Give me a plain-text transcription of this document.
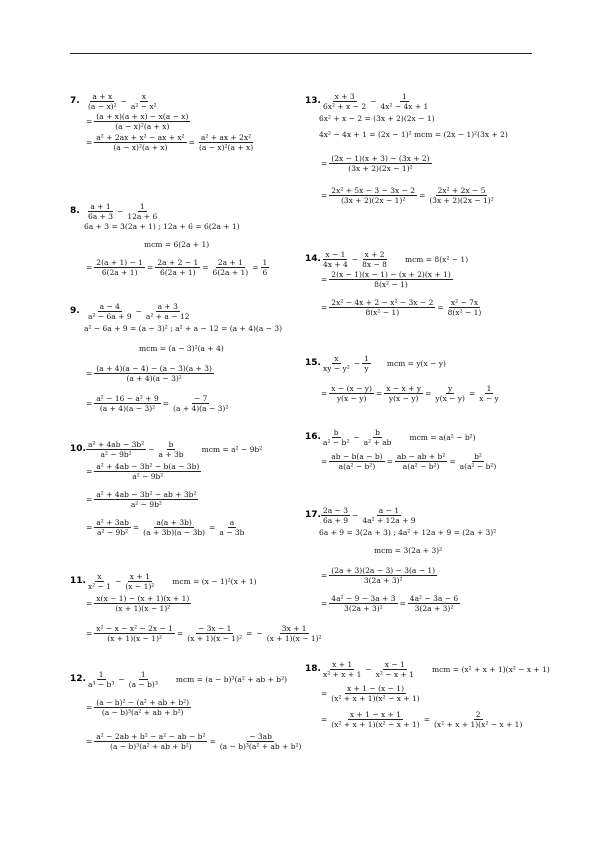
7. $\frac{a + x}{\text{(a − x)²}} - \frac{x}{\text{a² − x²}}$
= $\frac{(a + x)(a + x) - x(a - x)}{\text{(a − x)²(a + x)}}$
= $\frac{\text{a² + 2ax + x² − ax + x²}}{\text{(a − x)²(a + x)}} = \frac{\text{a² + ax + 2x²}}{\text{(a − x)²(a + x)}}$
8. $\frac{a + 1}{6a + 3} - \frac{1}{12a + 6}$
6a + 3 = 3(2a + 1) ; 12a + 6 = 6(2a + 1)
mcm = 6(2a + 1)
= $\frac{2(a + 1) - 1}{6(2a + 1)} = \frac{2a + 2 - 1}{6(2a + 1)} = \frac{2a + 1}{6(2a + 1)} = \frac{1}{6}$
9. $\frac{a - 4}{\text{a² − 6a + 9}} - \frac{a + 3}{\text{a² + a − 12}}$
a² − 6a + 9 = (a − 3)² ; a² + a − 12 = (a + 4)(a − 3)
mcm = (a − 3)²(a + 4)
= $\frac{(a + 4)(a - 4) - (a - 3)(a + 3)}{\text{(a + 4)(a − 3)²}}$
= $\frac{\text{a² − 16 − a² + 9}}{\text{(a + 4)(a − 3)²}} = \frac{- 7}{\text{(a + 4)(a − 3)²}}$
10. $\frac{\text{a² + 4ab − 3b²}}{\text{a² − 9b²}} - \frac{b}{a + 3b}$ mcm = a² − 9b²
= $\frac{\text{a² + 4ab − 3b² − b(a − 3b)}}{\text{a² − 9b²}}$
= $\frac{\text{a² + 4ab − 3b² − ab + 3b²}}{\text{a² − 9b²}}$
= $\frac{\text{a² + 3ab}}{\text{a² − 9b²}} = \frac{a(a + 3b)}{(a + 3b)(a - 3b)} = \frac{a}{a - 3b}$
11. $\frac{x}{\text{x² − 1}} - \frac{x + 1}{\text{(x − 1)²}}$ mcm = (x − 1)²(x + 1)
= $\frac{x(x - 1) - (x + 1)(x + 1)}{\text{(x + 1)(x − 1)²}}$
= $\frac{\text{x² − x − x² − 2x − 1}}{\text{(x + 1)(x − 1)²}} = \frac{- 3x - 1}{\text{(x + 1)(x − 1)²}}$ = − $\frac{3x + 1}{\text{(x + 1)(x − 1)²}}$
12. $\frac{1}{\text{a³ − b³}} - \frac{1}{\text{(a − b)³}}$ mcm = (a − b)³(a² + ab + b²)
= $\frac{\text{(a − b)² − (a² + ab + b²)}}{\text{(a − b)³(a² + ab + b²)}}$
= $\frac{\text{a² − 2ab + b² − a² − ab − b²}}{\text{(a − b)³(a² + ab + b²)}} = \frac{- 3ab}{\text{(a − b)³(a² + ab + b²)}}$
13. $\frac{x + 3}{\text{6x² + x − 2}} - \frac{1}{\text{4x² − 4x + 1}}$
6x² + x − 2 = (3x + 2)(2x − 1)
4x² − 4x + 1 = (2x − 1)² mcm = (2x − 1)²(3x + 2)
= $\frac{(2x - 1)(x + 3) - (3x + 2)}{\text{(3x + 2)(2x − 1)²}}$
= $\frac{\text{2x² + 5x − 3 − 3x − 2}}{\text{(3x + 2)(2x − 1)²}} = \frac{\text{2x² + 2x − 5}}{\text{(3x + 2)(2x − 1)²}}$
14. $\frac{x - 1}{4x + 4} - \frac{x + 2}{8x - 8}$ mcm = 8(x² − 1)
= $\frac{2(x - 1)(x - 1) - (x + 2)(x + 1)}{\text{8(x² − 1)}}$
= $\frac{\text{2x² − 4x + 2 − x² − 3x − 2}}{\text{8(x² − 1)}} = \frac{\text{x² − 7x}}{\text{8(x² − 1)}}$
15. $\frac{x}{\text{xy − y²}} - \frac{1}{y}$ mcm = y(x − y)
= $\frac{x - (x - y)}{y(x - y)} = \frac{x - x + y}{y(x - y)} = \frac{y}{y(x - y)} = \frac{1}{x - y}$
16. $\frac{b}{\text{a² − b²}} - \frac{b}{\text{a² + ab}}$ mcm = a(a² − b²)
= $\frac{ab - b(a - b)}{\text{a(a² − b²)}} = \frac{\text{ab − ab + b²}}{\text{a(a² − b²)}} = \frac{\text{b²}}{\text{a(a² − b²)}}$
17. $\frac{2a - 3}{6a + 9} - \frac{a - 1}{\text{4a² + 12a + 9}}$
6a + 9 = 3(2a + 3) ; 4a² + 12a + 9 = (2a + 3)²
mcm = 3(2a + 3)²
= $\frac{(2a + 3)(2a - 3) - 3(a - 1)}{\text{3(2a + 3)²}}$
= $\frac{\text{4a² − 9 − 3a + 3}}{\text{3(2a + 3)²}} = \frac{\text{4a² − 3a − 6}}{\text{3(2a + 3)²}}$
18. $\frac{x + 1}{\text{x² + x + 1}} - \frac{x - 1}{\text{x² − x + 1}}$ mcm = (x² + x + 1)(x² − x + 1)
= $\frac{x + 1 - (x - 1)}{\text{(x² + x + 1)(x² − x + 1)}}$
= $\frac{x + 1 - x + 1}{\text{(x² + x + 1)(x² − x + 1)}} = \frac{2}{\text{(x² + x + 1)(x² − x + 1)}}$
